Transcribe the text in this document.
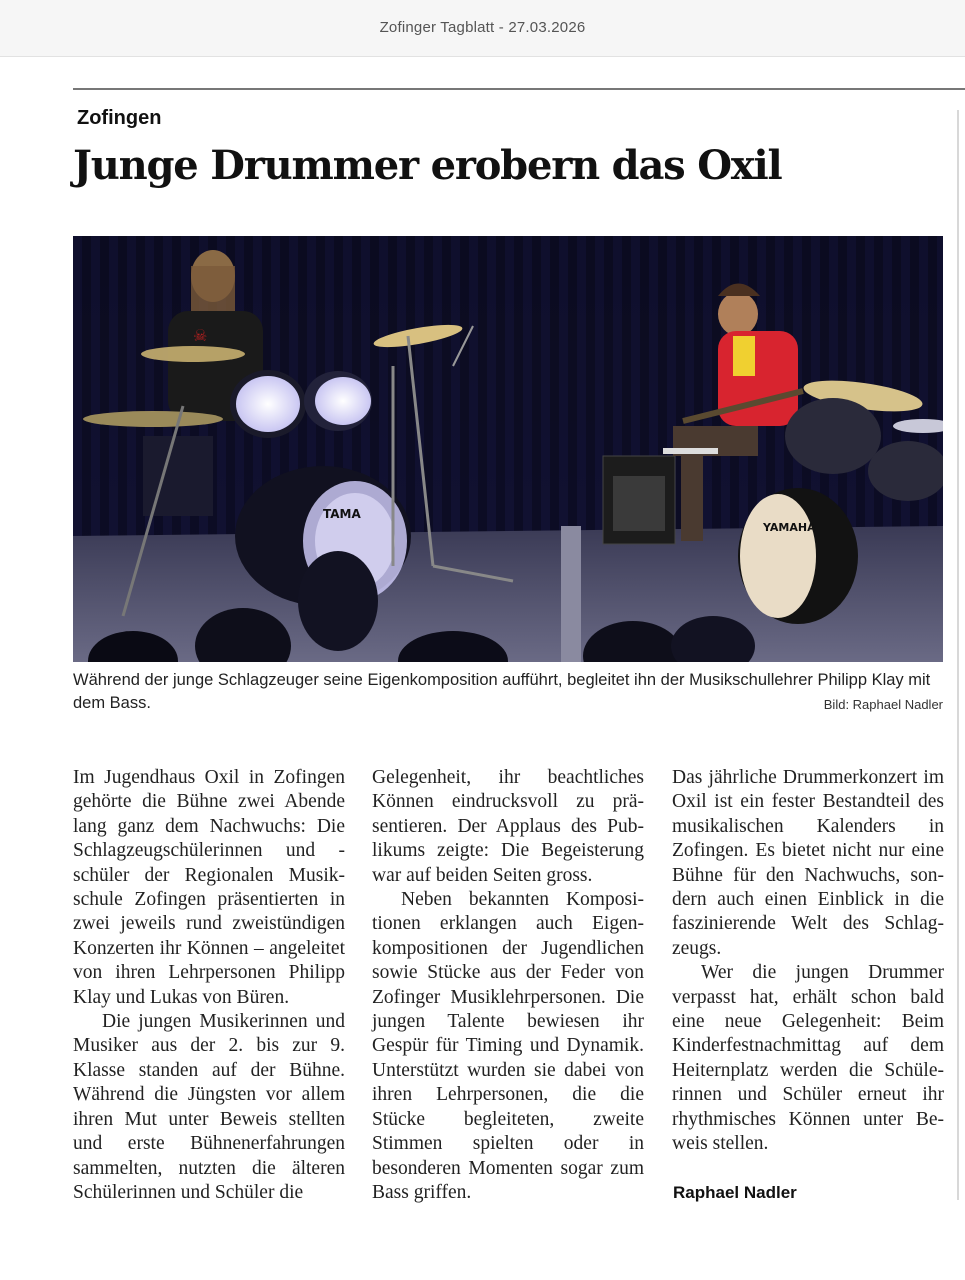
Zofinger Tagblatt - 27.03.2026
Zofingen
Junge Drummer erobern das Oxil
☠
TAMA
YAMAHA
Während der junge Schlagzeuger seine Eigenkomposition aufführt, begleitet ihn der Musikschullehrer Philipp Klay mit dem Bass.	Bild: Raphael Nadler

Im Jugendhaus Oxil in Zofingen gehörte die Bühne zwei Abende lang ganz dem Nachwuchs: Die Schlagzeugschülerinnen und -schüler der Regionalen Musikschule Zofingen präsentierten in zwei jeweils rund zweistündigen Konzerten ihr Können – angeleitet von ihren Lehrpersonen Philipp Klay und Lukas von Büren.

Die jungen Musikerinnen und Musiker aus der 2. bis zur 9. Klasse standen auf der Bühne. Während die Jüngsten vor allem ihren Mut unter Beweis stellten und erste Bühnenerfahrungen sammelten, nutzten die älteren Schülerinnen und Schüler die

Gelegenheit, ihr beachtliches Können eindrucksvoll zu präsentieren. Der Applaus des Publikums zeigte: Die Begeisterung war auf beiden Seiten gross.

Neben bekannten Kompositionen erklangen auch Eigenkompositionen der Jugendlichen sowie Stücke aus der Feder von Zofinger Musiklehrpersonen. Die jungen Talente bewiesen ihr Gespür für Timing und Dynamik. Unterstützt wurden sie dabei von ihren Lehrpersonen, die die Stücke begleiteten, zweite Stimmen spielten oder in besonderen Momenten sogar zum Bass griffen.

Das jährliche Drummerkonzert im Oxil ist ein fester Bestandteil des musikalischen Kalenders in Zofingen. Es bietet nicht nur eine Bühne für den Nachwuchs, sondern auch einen Einblick in die faszinierende Welt des Schlagzeugs.

Wer die jungen Drummer verpasst hat, erhält schon bald eine neue Gelegenheit: Beim Kinderfestnachmittag auf dem Heiternplatz werden die Schülerinnen und Schüler erneut ihr rhythmisches Können unter Beweis stellen.

Raphael Nadler
